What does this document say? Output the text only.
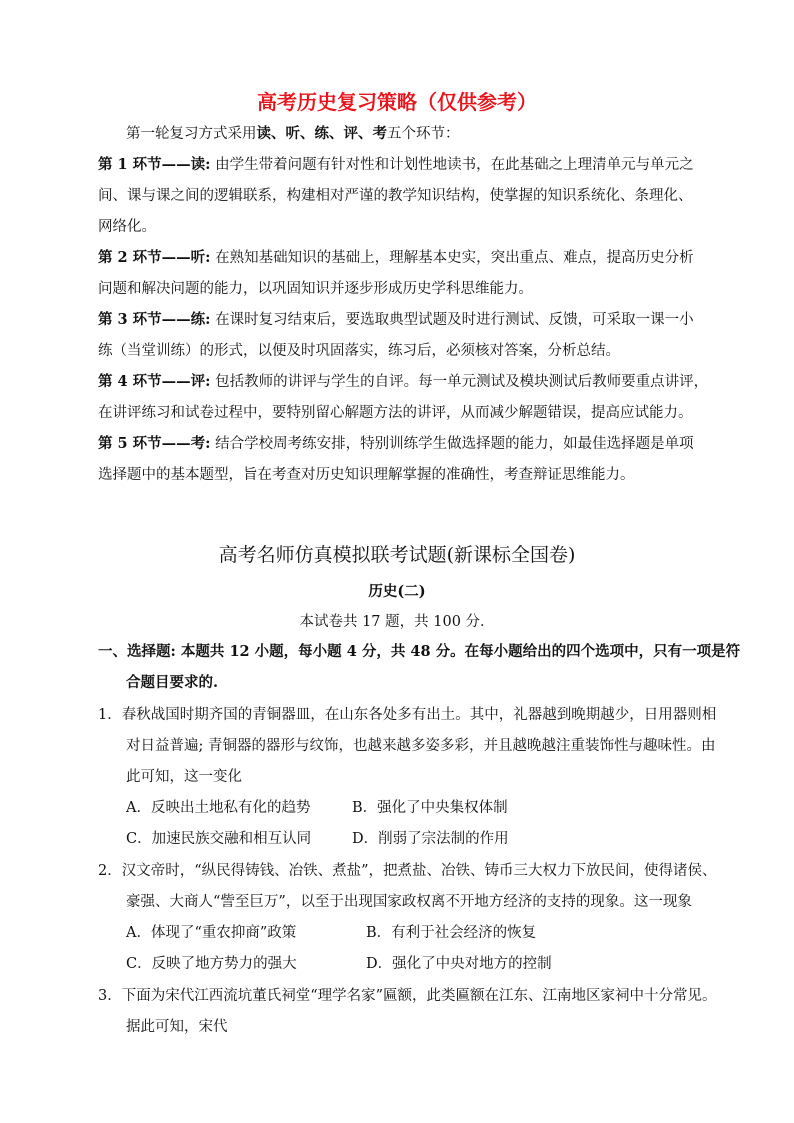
高考历史复习策略（仅供参考）
第一轮复习方式采用读、听、练、评、考五个环节：
第 1 环节——读: 由学生带着问题有针对性和计划性地读书，在此基础之上理清单元与单元之
间、课与课之间的逻辑联系，构建相对严谨的教学知识结构，使掌握的知识系统化、条理化、
网络化。
第 2 环节——听: 在熟知基础知识的基础上，理解基本史实，突出重点、难点，提高历史分析
问题和解决问题的能力，以巩固知识并逐步形成历史学科思维能力。
第 3 环节——练: 在课时复习结束后，要选取典型试题及时进行测试、反馈，可采取一课一小
练（当堂训练）的形式，以便及时巩固落实，练习后，必须核对答案，分析总结。
第 4 环节——评: 包括教师的讲评与学生的自评。每一单元测试及模块测试后教师要重点讲评，
在讲评练习和试卷过程中，要特别留心解题方法的讲评，从而减少解题错误，提高应试能力。
第 5 环节——考: 结合学校周考练安排，特别训练学生做选择题的能力，如最佳选择题是单项
选择题中的基本题型，旨在考查对历史知识理解掌握的准确性，考查辩证思维能力。
高考名师仿真模拟联考试题(新课标全国卷)
历史(二)
本试卷共 17 题，共 100 分．
一、选择题: 本题共 12 小题，每小题 4 分，共 48 分。在每小题给出的四个选项中，只有一项是符
合题目要求的.
1．春秋战国时期齐国的青铜器皿，在山东各处多有出土。其中，礼器越到晚期越少，日用器则相
对日益普遍; 青铜器的器形与纹饰，也越来越多姿多彩，并且越晚越注重装饰性与趣味性。由
此可知，这一变化
A．反映出土地私有化的趋势	B．强化了中央集权体制
C．加速民族交融和相互认同	D．削弱了宗法制的作用
2．汉文帝时，“纵民得铸钱、冶铁、煮盐”，把煮盐、冶铁、铸币三大权力下放民间，使得诸侯、
豪强、大商人“訾至巨万”，以至于出现国家政权离不开地方经济的支持的现象。这一现象
A．体现了“重农抑商”政策	B．有利于社会经济的恢复
C．反映了地方势力的强大	D．强化了中央对地方的控制
3．下面为宋代江西流坑董氏祠堂“理学名家”匾额，此类匾额在江东、江南地区家祠中十分常见。
据此可知，宋代
